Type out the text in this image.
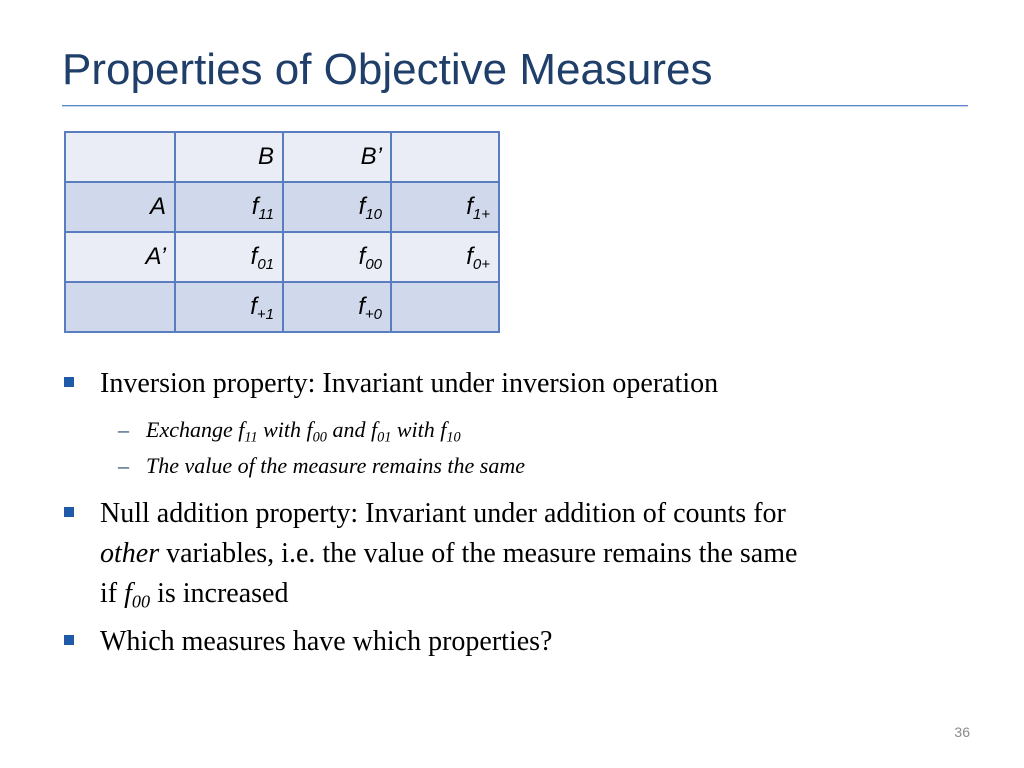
Properties of Objective Measures
	B	B’	
A	$f_{11}$	$f_{10}$	$f_{1+}$
A’	$f_{01}$	$f_{00}$	$f_{0+}$
	$f_{+1}$	$f_{+0}$	
Inversion property: Invariant under inversion operation
– Exchange $f_{11}$ with $f_{00}$ and $f_{01}$ with $f_{10}$
– The value of the measure remains the same
Null addition property: Invariant under addition of counts for
other variables, i.e. the value of the measure remains the same
if $f_{00}$ is increased
Which measures have which properties?
36
